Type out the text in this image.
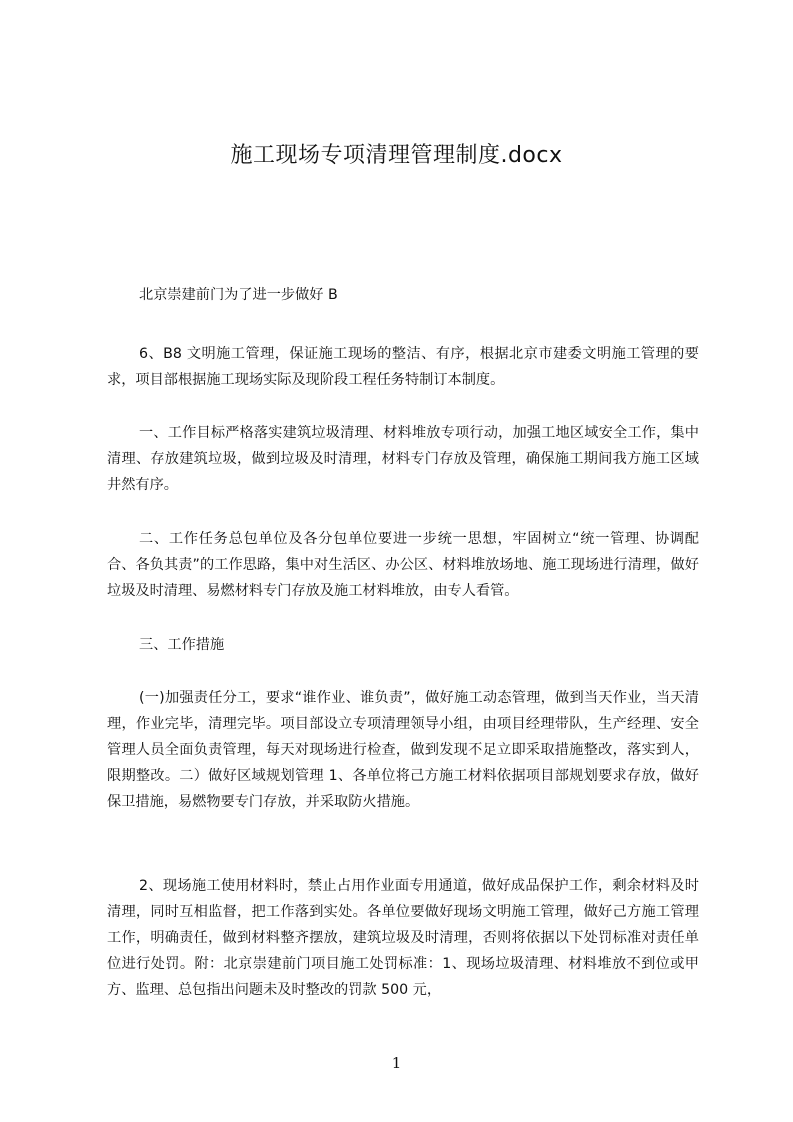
施工现场专项清理管理制度.docx

北京崇建前门为了进一步做好 B

6、B8 文明施工管理，保证施工现场的整洁、有序，根据北京市建委文明施工管理的要求，项目部根据施工现场实际及现阶段工程任务特制订本制度。

一、工作目标严格落实建筑垃圾清理、材料堆放专项行动，加强工地区域安全工作，集中清理、存放建筑垃圾，做到垃圾及时清理，材料专门存放及管理，确保施工期间我方施工区域井然有序。

二、工作任务总包单位及各分包单位要进一步统一思想，牢固树立“统一管理、协调配合、各负其责”的工作思路，集中对生活区、办公区、材料堆放场地、施工现场进行清理，做好垃圾及时清理、易燃材料专门存放及施工材料堆放，由专人看管。

三、工作措施

(一)加强责任分工，要求“谁作业、谁负责”，做好施工动态管理，做到当天作业，当天清理，作业完毕，清理完毕。项目部设立专项清理领导小组，由项目经理带队，生产经理、安全管理人员全面负责管理，每天对现场进行检查，做到发现不足立即采取措施整改，落实到人，限期整改。二）做好区域规划管理 1、各单位将己方施工材料依据项目部规划要求存放，做好保卫措施，易燃物要专门存放，并采取防火措施。

2、现场施工使用材料时，禁止占用作业面专用通道，做好成品保护工作，剩余材料及时清理，同时互相监督，把工作落到实处。各单位要做好现场文明施工管理，做好己方施工管理工作，明确责任，做到材料整齐摆放，建筑垃圾及时清理，否则将依据以下处罚标准对责任单位进行处罚。附：北京崇建前门项目施工处罚标准：1、现场垃圾清理、材料堆放不到位或甲方、监理、总包指出问题未及时整改的罚款 500 元，

1
